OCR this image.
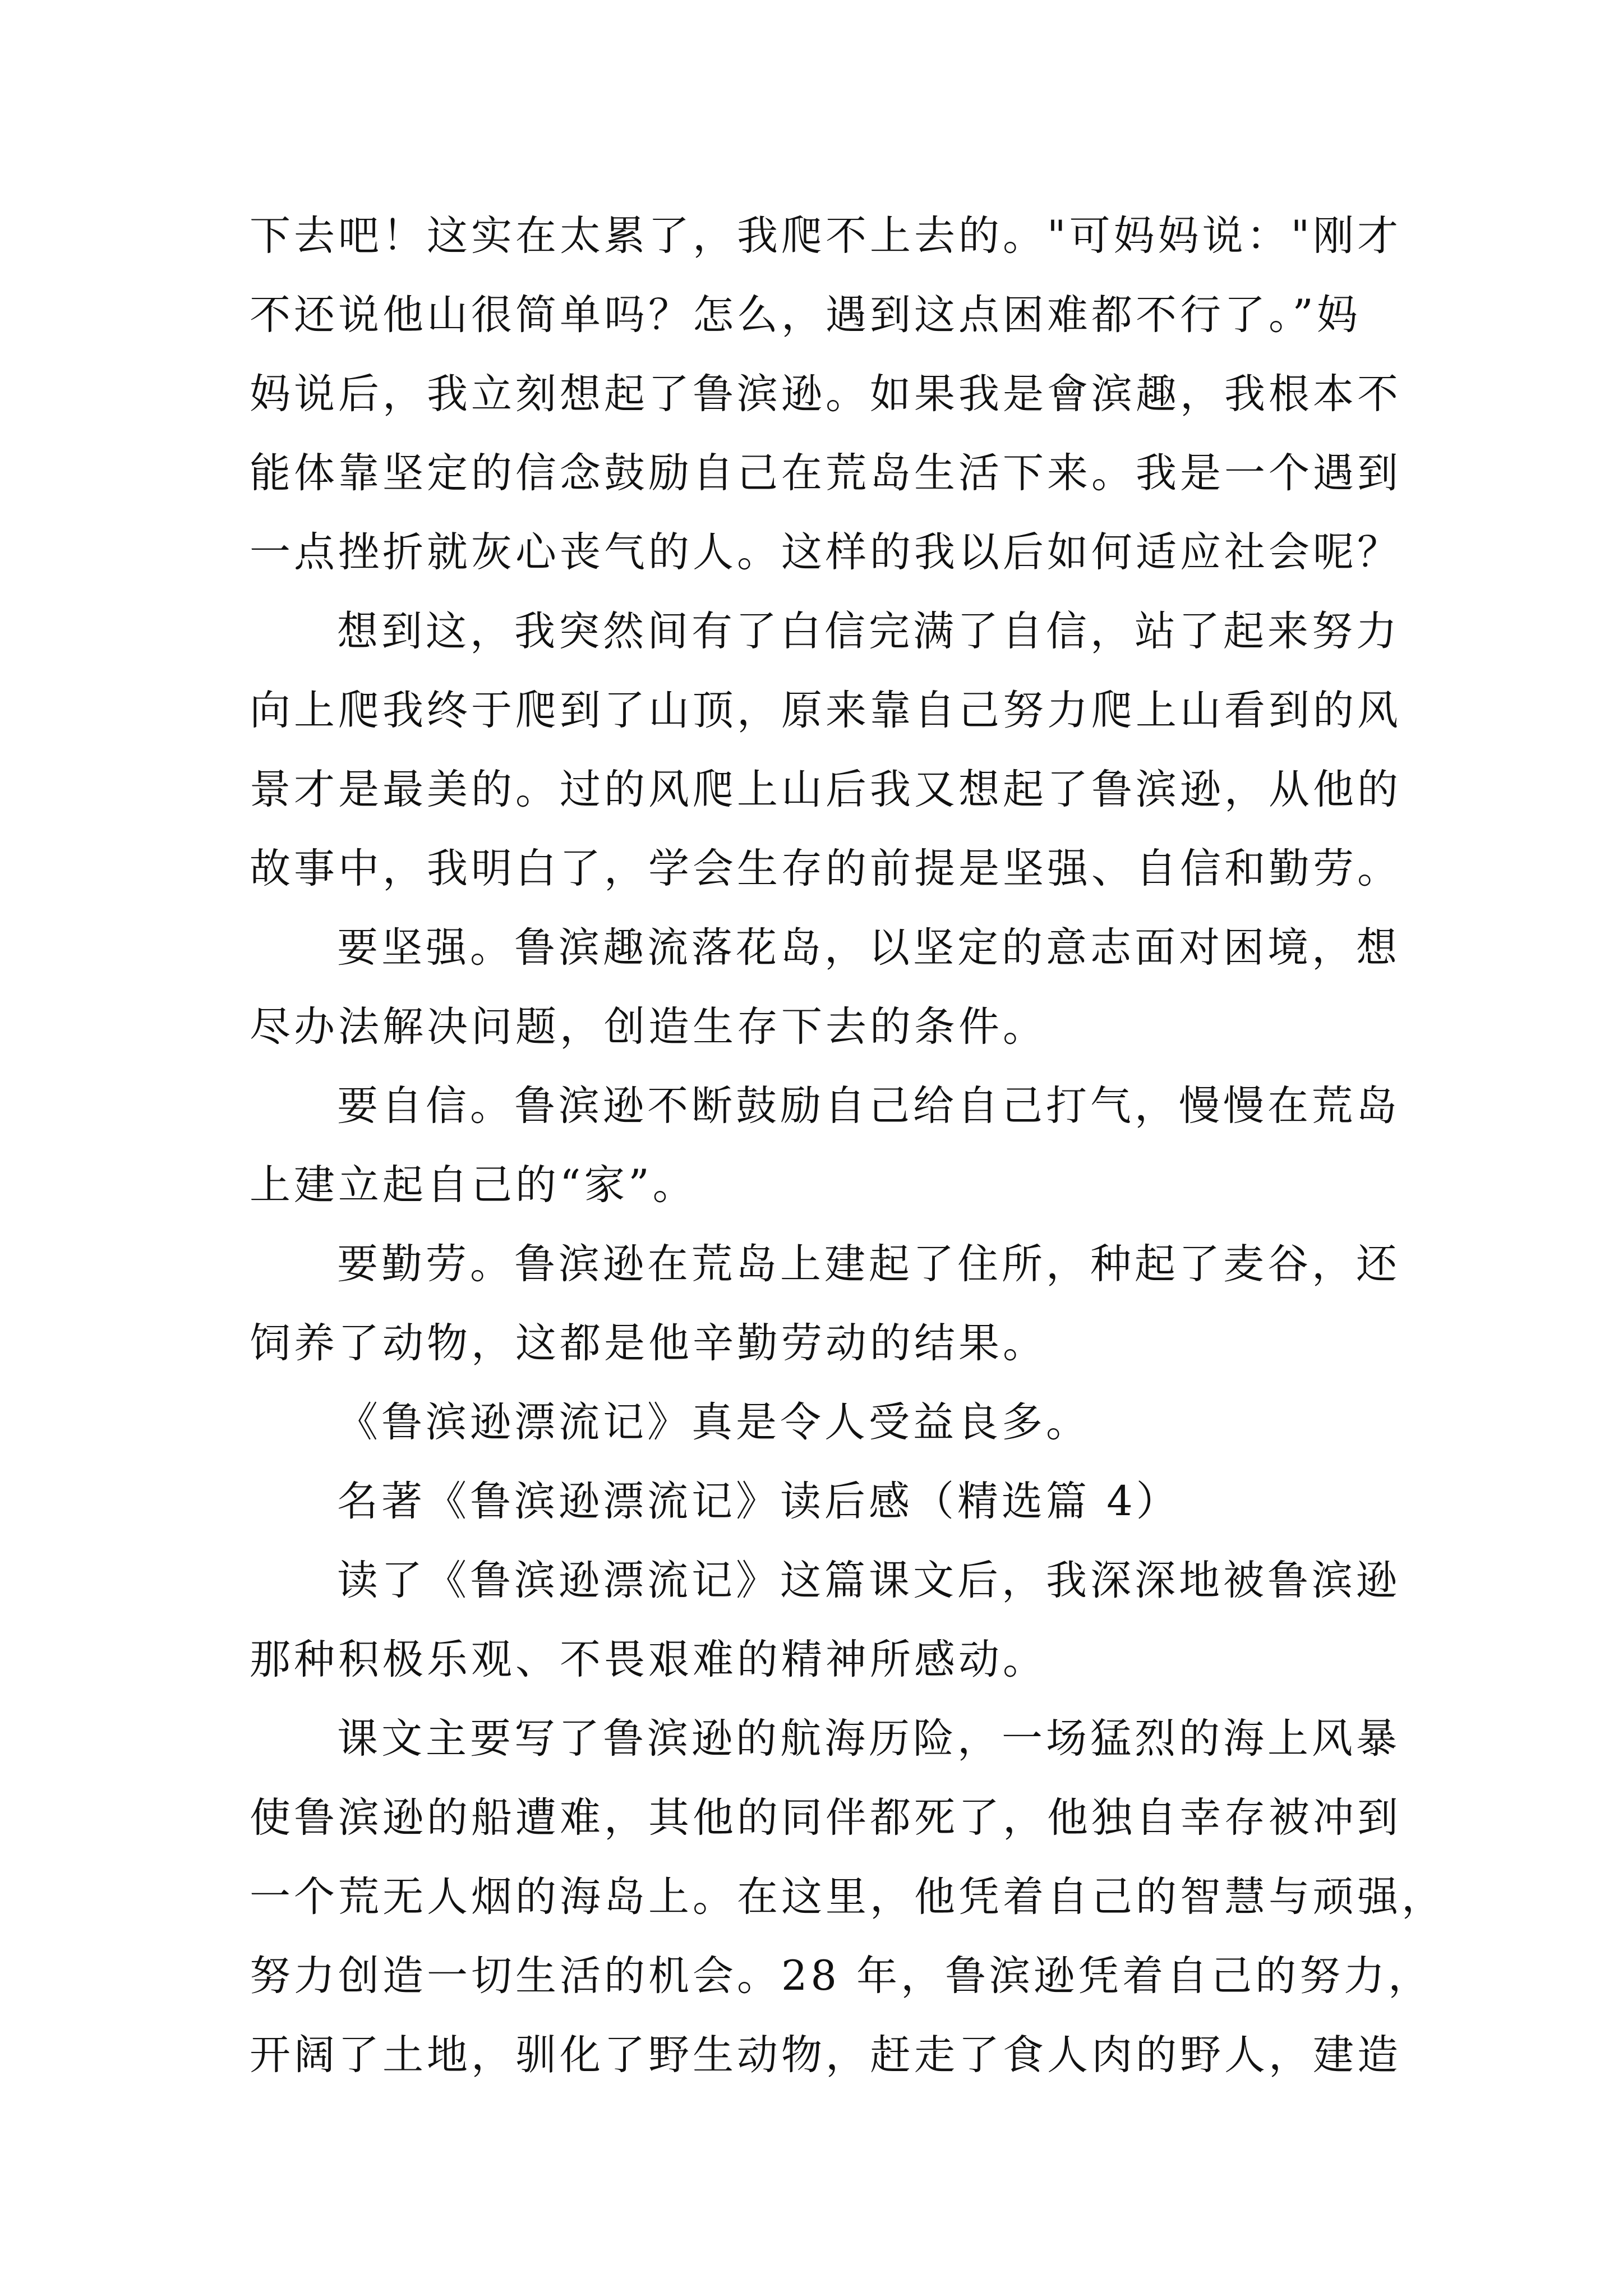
下去吧！这实在太累了，我爬不上去的。"可妈妈说："刚才
不还说他山很简单吗？怎么，遇到这点困难都不行了。”妈
妈说后，我立刻想起了鲁滨逊。如果我是會滨趣，我根本不
能体靠坚定的信念鼓励自己在荒岛生活下来。我是一个遇到
一点挫折就灰心丧气的人。这样的我以后如何适应社会呢？
想到这，我突然间有了白信完满了自信，站了起来努力
向上爬我终于爬到了山顶，原来靠自己努力爬上山看到的风
景才是最美的。过的风爬上山后我又想起了鲁滨逊，从他的
故事中，我明白了，学会生存的前提是坚强、自信和勤劳。
要坚强。鲁滨趣流落花岛，以坚定的意志面对困境，想
尽办法解决问题，创造生存下去的条件。
要自信。鲁滨逊不断鼓励自己给自己打气，慢慢在荒岛
上建立起自己的“家”。
要勤劳。鲁滨逊在荒岛上建起了住所，种起了麦谷，还
饲养了动物，这都是他辛勤劳动的结果。
《鲁滨逊漂流记》真是令人受益良多。
名著《鲁滨逊漂流记》读后感（精选篇 4）
读了《鲁滨逊漂流记》这篇课文后，我深深地被鲁滨逊
那种积极乐观、不畏艰难的精神所感动。
课文主要写了鲁滨逊的航海历险，一场猛烈的海上风暴
使鲁滨逊的船遭难，其他的同伴都死了，他独自幸存被冲到
一个荒无人烟的海岛上。在这里，他凭着自己的智慧与顽强，
努力创造一切生活的机会。28 年，鲁滨逊凭着自己的努力，
开阔了土地，驯化了野生动物，赶走了食人肉的野人，建造
